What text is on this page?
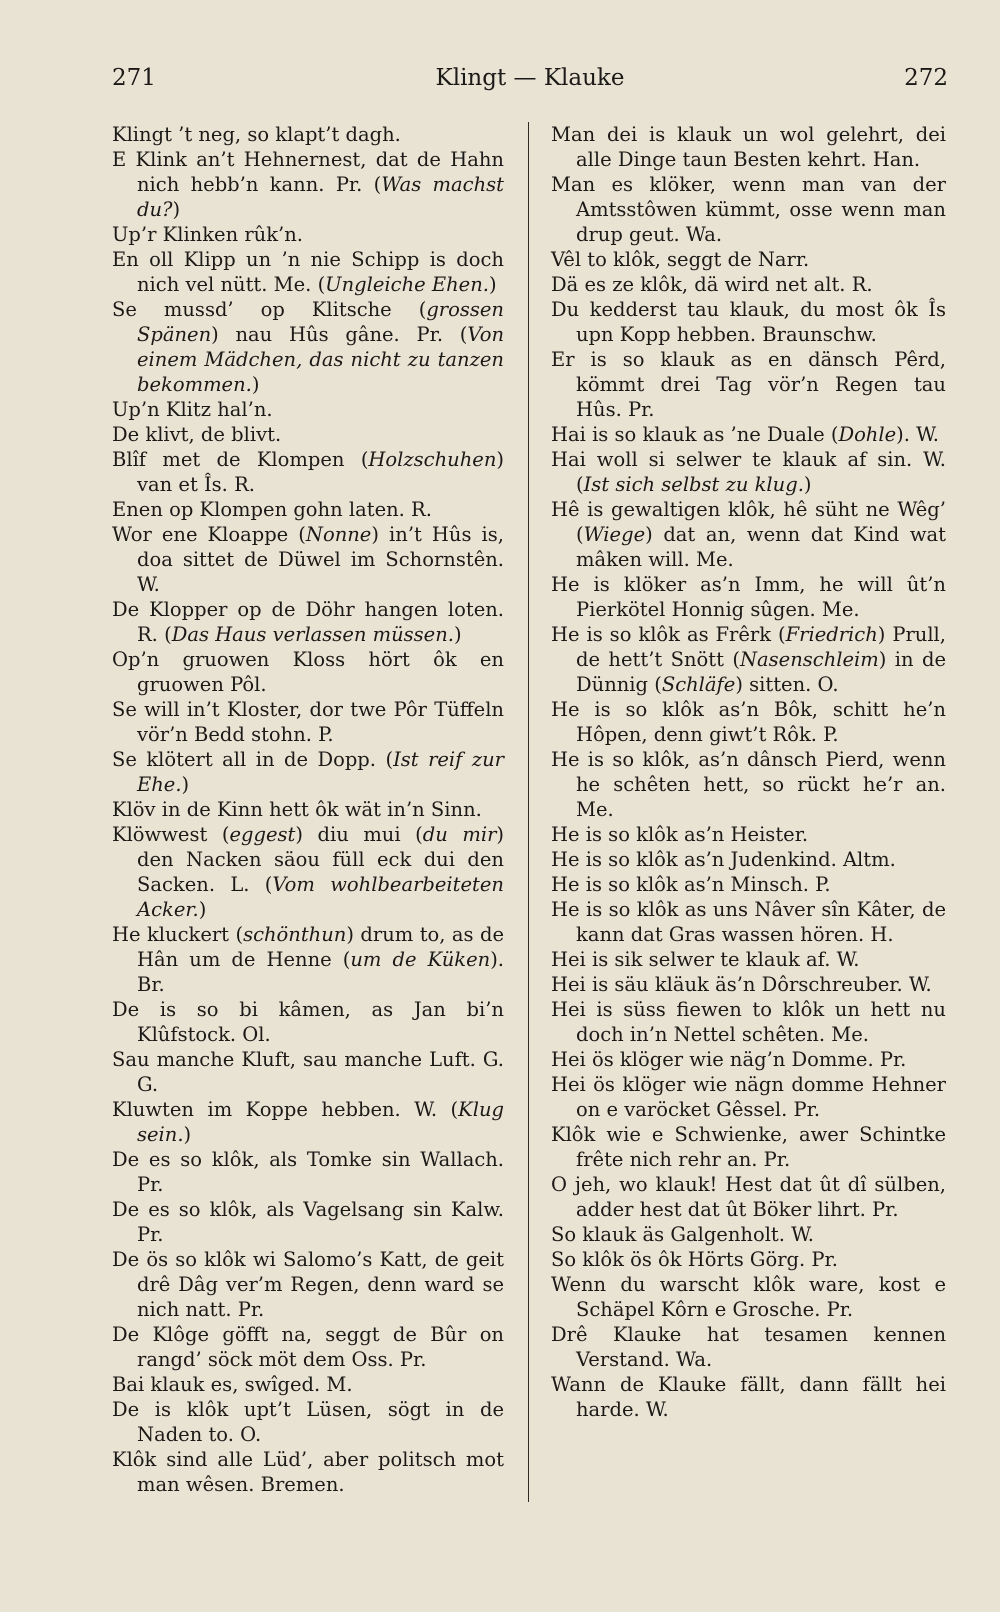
271	Klingt — Klauke	272

Klingt ’t neg, so klapt’t dagh.

E Klink an’t Hehnernest, dat de Hahn nich hebb’n kann. Pr. (Was machst du?)

Up’r Klinken rûk’n.

En oll Klipp un ’n nie Schipp is doch nich vel nütt. Me. (Ungleiche Ehen.)

Se mussd’ op Klitsche (grossen Spänen) nau Hûs gâne. Pr. (Von einem Mädchen, das nicht zu tanzen bekommen.)

Up’n Klitz hal’n.

De klivt, de blivt.

Blîf met de Klompen (Holzschuhen) van et Îs. R.

Enen op Klompen gohn laten. R.

Wor ene Kloappe (Nonne) in’t Hûs is, doa sittet de Düwel im Schornstên. W.

De Klopper op de Döhr hangen loten. R. (Das Haus verlassen müssen.)

Op’n gruowen Kloss hört ôk en gruowen Pôl.

Se will in’t Kloster, dor twe Pôr Tüffeln vör’n Bedd stohn. P.

Se klötert all in de Dopp. (Ist reif zur Ehe.)

Klöv in de Kinn hett ôk wät in’n Sinn.

Klöwwest (eggest) diu mui (du mir) den Nacken säou füll eck dui den Sacken. L. (Vom wohlbearbeiteten Acker.)

He kluckert (schönthun) drum to, as de Hân um de Henne (um de Küken). Br.

De is so bi kâmen, as Jan bi’n Klûfstock. Ol.

Sau manche Kluft, sau manche Luft. G. G.

Kluwten im Koppe hebben. W. (Klug sein.)

De es so klôk, als Tomke sin Wallach. Pr.

De es so klôk, als Vagelsang sin Kalw. Pr.

De ös so klôk wi Salomo’s Katt, de geit drê Dâg ver’m Regen, denn ward se nich natt. Pr.

De Klôge göfft na, seggt de Bûr on rangd’ söck möt dem Oss. Pr.

Bai klauk es, swîged. M.

De is klôk upt’t Lüsen, sögt in de Naden to. O.

Klôk sind alle Lüd’, aber politsch mot man wêsen. Bremen.

Man dei is klauk un wol gelehrt, dei alle Dinge taun Besten kehrt. Han.

Man es klöker, wenn man van der Amtsstôwen kümmt, osse wenn man drup geut. Wa.

Vêl to klôk, seggt de Narr.

Dä es ze klôk, dä wird net alt. R.

Du kedderst tau klauk, du most ôk Îs upn Kopp hebben. Braunschw.

Er is so klauk as en dänsch Pêrd, kömmt drei Tag vör’n Regen tau Hûs. Pr.

Hai is so klauk as ’ne Duale (Dohle). W.

Hai woll si selwer te klauk af sin. W. (Ist sich selbst zu klug.)

Hê is gewaltigen klôk, hê süht ne Wêg’ (Wiege) dat an, wenn dat Kind wat mâken will. Me.

He is klöker as’n Imm, he will ût’n Pierkötel Honnig sûgen. Me.

He is so klôk as Frêrk (Friedrich) Prull, de hett’t Snött (Nasenschleim) in de Dünnig (Schläfe) sitten. O.

He is so klôk as’n Bôk, schitt he’n Hôpen, denn giwt’t Rôk. P.

He is so klôk, as’n dânsch Pierd, wenn he schêten hett, so rückt he’r an. Me.

He is so klôk as’n Heister.

He is so klôk as’n Judenkind. Altm.

He is so klôk as’n Minsch. P.

He is so klôk as uns Nâver sîn Kâter, de kann dat Gras wassen hören. H.

Hei is sik selwer te klauk af. W.

Hei is säu kläuk äs’n Dôrschreuber. W.

Hei is süss fiewen to klôk un hett nu doch in’n Nettel schêten. Me.

Hei ös klöger wie näg’n Domme. Pr.

Hei ös klöger wie nägn domme Hehner on e varöcket Gêssel. Pr.

Klôk wie e Schwienke, awer Schintke frête nich rehr an. Pr.

O jeh, wo klauk! Hest dat ût dî sülben, adder hest dat ût Böker lihrt. Pr.

So klauk äs Galgenholt. W.

So klôk ös ôk Hörts Görg. Pr.

Wenn du warscht klôk ware, kost e Schäpel Kôrn e Grosche. Pr.

Drê Klauke hat tesamen kennen Verstand. Wa.

Wann de Klauke fällt, dann fällt hei harde. W.
